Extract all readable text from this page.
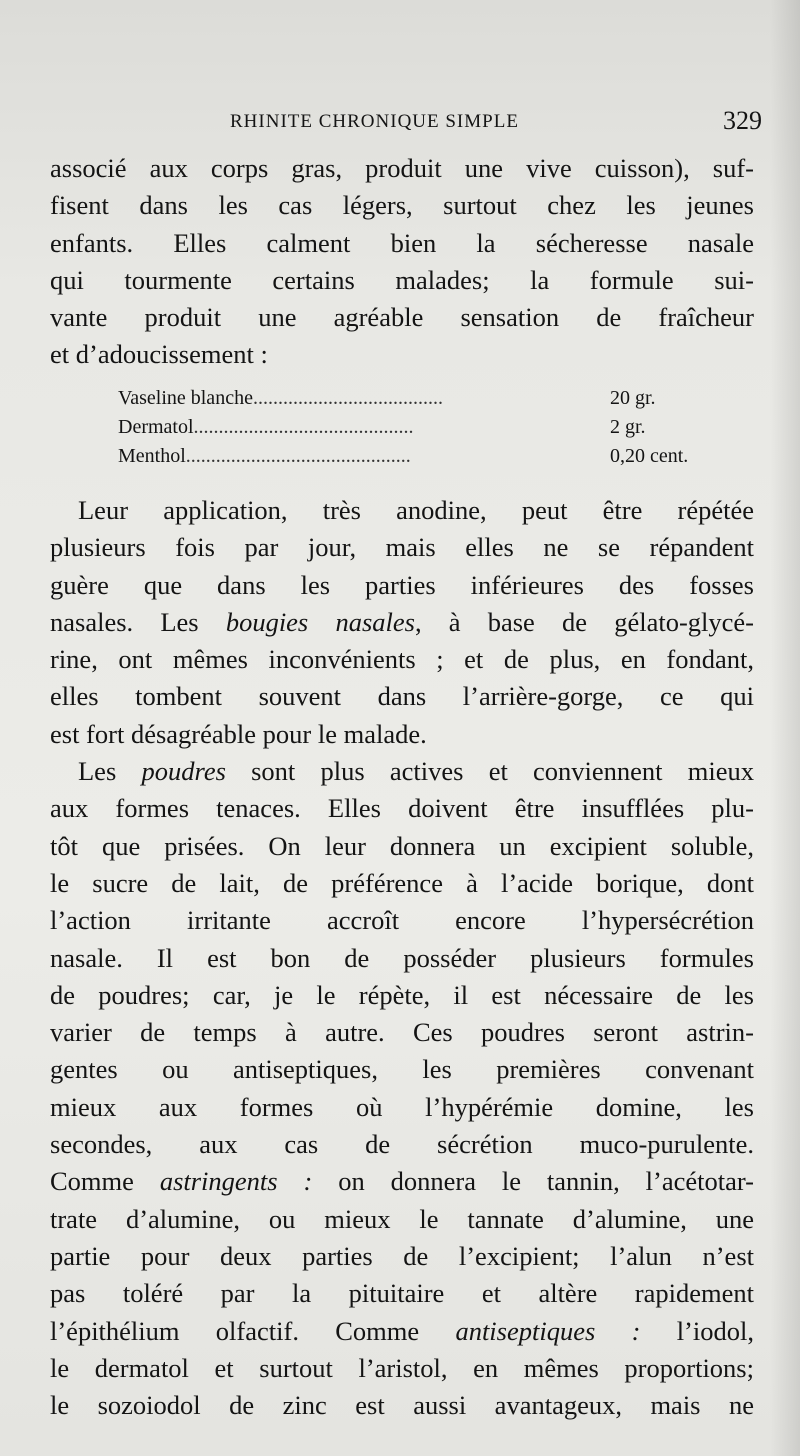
RHINITE CHRONIQUE SIMPLE	329
associé aux corps gras, produit une vive cuisson), suf-
fisent dans les cas légers, surtout chez les jeunes
enfants. Elles calment bien la sécheresse nasale
qui tourmente certains malades; la formule sui-
vante produit une agréable sensation de fraîcheur
et d’adoucissement :
Vaseline blanche......................................	20 gr.
Dermatol............................................	2 gr.
Menthol.............................................	0,20 cent.
Leur application, très anodine, peut être répétée
plusieurs fois par jour, mais elles ne se répandent
guère que dans les parties inférieures des fosses
nasales. Les bougies nasales, à base de gélato-glycé-
rine, ont mêmes inconvénients ; et de plus, en fondant,
elles tombent souvent dans l’arrière-gorge, ce qui
est fort désagréable pour le malade.
Les poudres sont plus actives et conviennent mieux
aux formes tenaces. Elles doivent être insufflées plu-
tôt que prisées. On leur donnera un excipient soluble,
le sucre de lait, de préférence à l’acide borique, dont
l’action irritante accroît encore l’hypersécrétion
nasale. Il est bon de posséder plusieurs formules
de poudres; car, je le répète, il est nécessaire de les
varier de temps à autre. Ces poudres seront astrin-
gentes ou antiseptiques, les premières convenant
mieux aux formes où l’hypérémie domine, les
secondes, aux cas de sécrétion muco-purulente.
Comme astringents : on donnera le tannin, l’acétotar-
trate d’alumine, ou mieux le tannate d’alumine, une
partie pour deux parties de l’excipient; l’alun n’est
pas toléré par la pituitaire et altère rapidement
l’épithélium olfactif. Comme antiseptiques : l’iodol,
le dermatol et surtout l’aristol, en mêmes proportions;
le sozoiodol de zinc est aussi avantageux, mais ne
